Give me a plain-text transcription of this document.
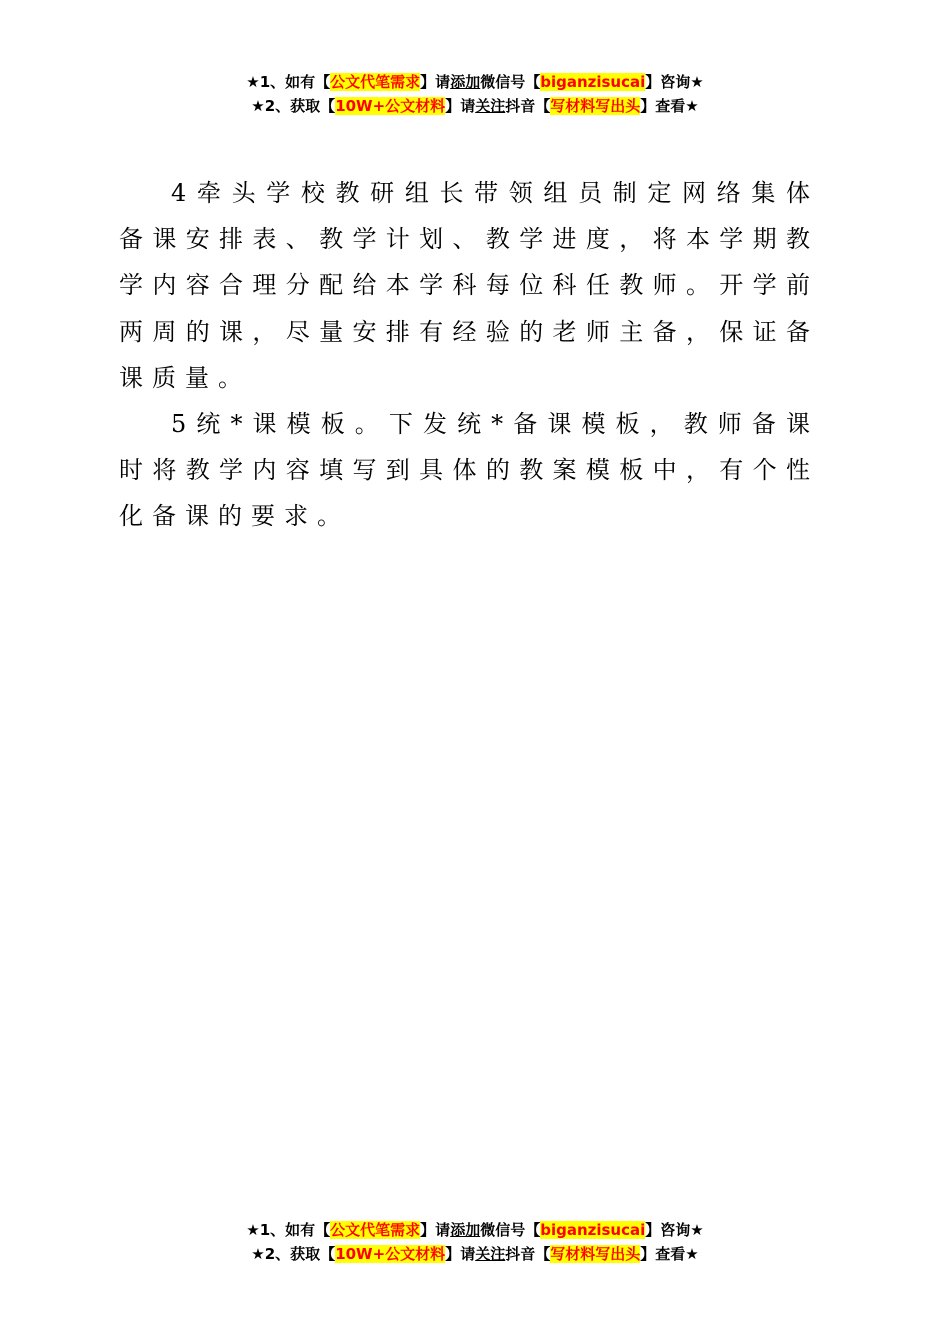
★1、如有【公文代笔需求】请添加微信号【biganzisucai】咨询★
★2、获取【10W+公文材料】请关注抖音【写材料写出头】查看★

4牵头学校教研组长带领组员制定网络集体备课安排表、教学计划、教学进度，将本学期教学内容合理分配给本学科每位科任教师。开学前两周的课，尽量安排有经验的老师主备，保证备课质量。

5统*课模板。下发统*备课模板，教师备课时将教学内容填写到具体的教案模板中，有个性化备课的要求。

★1、如有【公文代笔需求】请添加微信号【biganzisucai】咨询★
★2、获取【10W+公文材料】请关注抖音【写材料写出头】查看★
